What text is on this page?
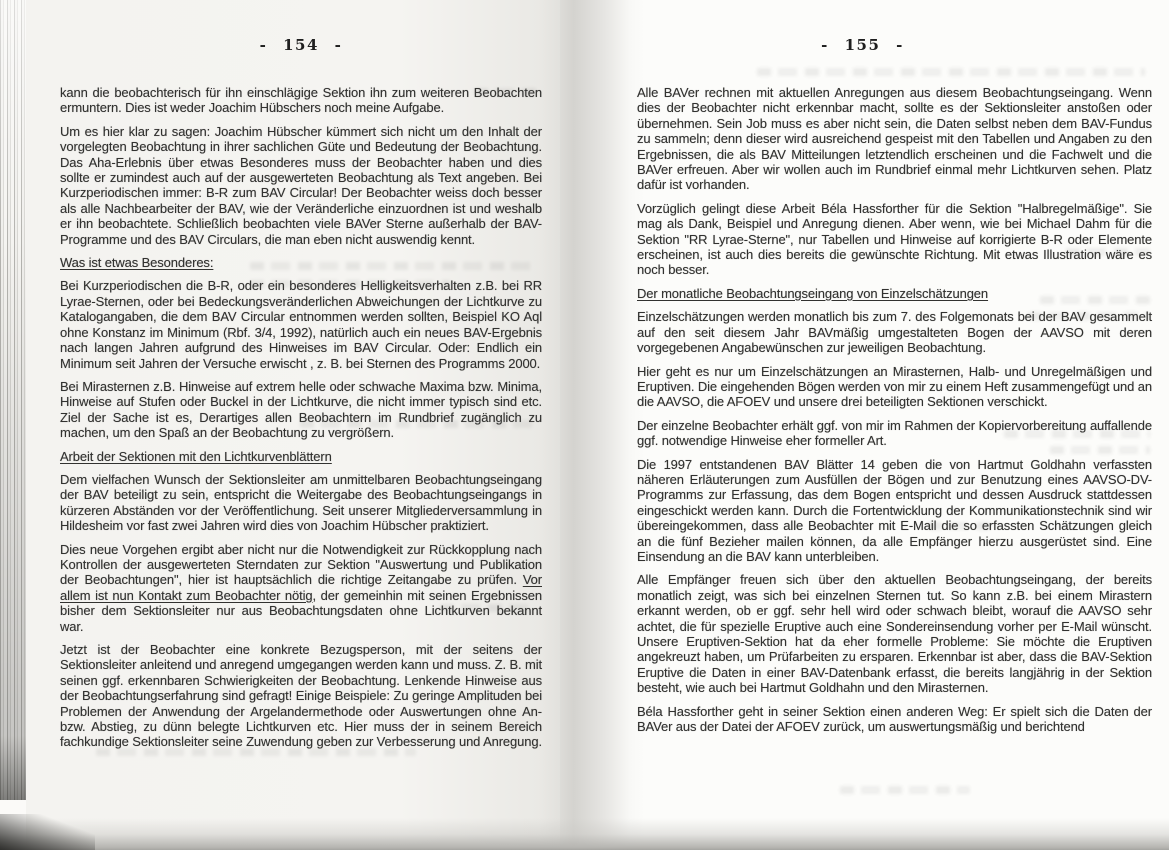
- 154 -	- 155 -

kann die beobachterisch für ihn einschlägige Sektion ihn zum weiteren Beobachten ermuntern. Dies ist weder Joachim Hübschers noch meine Aufgabe.

Um es hier klar zu sagen: Joachim Hübscher kümmert sich nicht um den Inhalt der vorgelegten Beobachtung in ihrer sachlichen Güte und Bedeutung der Beobachtung. Das Aha-Erlebnis über etwas Besonderes muss der Beobachter haben und dies sollte er zumindest auch auf der ausgewerteten Beobachtung als Text angeben. Bei Kurzperiodischen immer: B-R zum BAV Circular! Der Beobachter weiss doch besser als alle Nachbearbeiter der BAV, wie der Veränderliche einzuordnen ist und weshalb er ihn beobachtete. Schließlich beobachten viele BAVer Sterne außerhalb der BAV-Programme und des BAV Circulars, die man eben nicht auswendig kennt.

Was ist etwas Besonderes:

Bei Kurzperiodischen die B-R, oder ein besonderes Helligkeitsverhalten z.B. bei RR Lyrae-Sternen, oder bei Bedeckungsveränderlichen Abweichungen der Lichtkurve zu Katalogangaben, die dem BAV Circular entnommen werden sollten, Beispiel KO Aql ohne Konstanz im Minimum (Rbf. 3/4, 1992), natürlich auch ein neues BAV-Ergebnis nach langen Jahren aufgrund des Hinweises im BAV Circular. Oder: Endlich ein Minimum seit Jahren der Versuche erwischt , z. B. bei Sternen des Programms 2000.

Bei Mirasternen z.B. Hinweise auf extrem helle oder schwache Maxima bzw. Minima, Hinweise auf Stufen oder Buckel in der Lichtkurve, die nicht immer typisch sind etc. Ziel der Sache ist es, Derartiges allen Beobachtern im Rundbrief zugänglich zu machen, um den Spaß an der Beobachtung zu vergrößern.

Arbeit der Sektionen mit den Lichtkurvenblättern

Dem vielfachen Wunsch der Sektionsleiter am unmittelbaren Beobachtungseingang der BAV beteiligt zu sein, entspricht die Weitergabe des Beobachtungseingangs in kürzeren Abständen vor der Veröffentlichung. Seit unserer Mitgliederversammlung in Hildesheim vor fast zwei Jahren wird dies von Joachim Hübscher praktiziert.

Dies neue Vorgehen ergibt aber nicht nur die Notwendigkeit zur Rückkopplung nach Kontrollen der ausgewerteten Sterndaten zur Sektion "Auswertung und Publikation der Beobachtungen", hier ist hauptsächlich die richtige Zeitangabe zu prüfen. Vor allem ist nun Kontakt zum Beobachter nötig, der gemeinhin mit seinen Ergebnissen bisher dem Sektionsleiter nur aus Beobachtungsdaten ohne Lichtkurven bekannt war.

Jetzt ist der Beobachter eine konkrete Bezugsperson, mit der seitens der Sektionsleiter anleitend und anregend umgegangen werden kann und muss. Z. B. mit seinen ggf. erkennbaren Schwierigkeiten der Beobachtung. Lenkende Hinweise aus der Beobachtungserfahrung sind gefragt! Einige Beispiele: Zu geringe Amplituden bei Problemen der Anwendung der Argelandermethode oder Auswertungen ohne An- bzw. Abstieg, zu dünn belegte Lichtkurven etc. Hier muss der in seinem Bereich fachkundige Sektionsleiter seine Zuwendung geben zur Verbesserung und Anregung.

Alle BAVer rechnen mit aktuellen Anregungen aus diesem Beobachtungseingang. Wenn dies der Beobachter nicht erkennbar macht, sollte es der Sektionsleiter anstoßen oder übernehmen. Sein Job muss es aber nicht sein, die Daten selbst neben dem BAV-Fundus zu sammeln; denn dieser wird ausreichend gespeist mit den Tabellen und Angaben zu den Ergebnissen, die als BAV Mitteilungen letztendlich erscheinen und die Fachwelt und die BAVer erfreuen. Aber wir wollen auch im Rundbrief einmal mehr Lichtkurven sehen. Platz dafür ist vorhanden.

Vorzüglich gelingt diese Arbeit Béla Hassforther für die Sektion "Halbregelmäßige". Sie mag als Dank, Beispiel und Anregung dienen. Aber wenn, wie bei Michael Dahm für die Sektion "RR Lyrae-Sterne", nur Tabellen und Hinweise auf korrigierte B-R oder Elemente erscheinen, ist auch dies bereits die gewünschte Richtung. Mit etwas Illustration wäre es noch besser.

Der monatliche Beobachtungseingang von Einzelschätzungen

Einzelschätzungen werden monatlich bis zum 7. des Folgemonats bei der BAV gesammelt auf den seit diesem Jahr BAVmäßig umgestalteten Bogen der AAVSO mit deren vorgegebenen Angabewünschen zur jeweiligen Beobachtung.

Hier geht es nur um Einzelschätzungen an Mirasternen, Halb- und Unregelmäßigen und Eruptiven. Die eingehenden Bögen werden von mir zu einem Heft zusammengefügt und an die AAVSO, die AFOEV und unsere drei beteiligten Sektionen verschickt.

Der einzelne Beobachter erhält ggf. von mir im Rahmen der Kopiervorbereitung auffallende ggf. notwendige Hinweise eher formeller Art.

Die 1997 entstandenen BAV Blätter 14 geben die von Hartmut Goldhahn verfassten näheren Erläuterungen zum Ausfüllen der Bögen und zur Benutzung eines AAVSO-DV-Programms zur Erfassung, das dem Bogen entspricht und dessen Ausdruck stattdessen eingeschickt werden kann. Durch die Fortentwicklung der Kommunikationstechnik sind wir übereingekommen, dass alle Beobachter mit E-Mail die so erfassten Schätzungen gleich an die fünf Bezieher mailen können, da alle Empfänger hierzu ausgerüstet sind. Eine Einsendung an die BAV kann unterbleiben.

Alle Empfänger freuen sich über den aktuellen Beobachtungseingang, der bereits monatlich zeigt, was sich bei einzelnen Sternen tut. So kann z.B. bei einem Mirastern erkannt werden, ob er ggf. sehr hell wird oder schwach bleibt, worauf die AAVSO sehr achtet, die für spezielle Eruptive auch eine Sondereinsendung vorher per E-Mail wünscht. Unsere Eruptiven-Sektion hat da eher formelle Probleme: Sie möchte die Eruptiven angekreuzt haben, um Prüfarbeiten zu ersparen. Erkennbar ist aber, dass die BAV-Sektion Eruptive die Daten in einer BAV-Datenbank erfasst, die bereits langjährig in der Sektion besteht, wie auch bei Hartmut Goldhahn und den Mirasternen.

Béla Hassforther geht in seiner Sektion einen anderen Weg: Er spielt sich die Daten der BAVer aus der Datei der AFOEV zurück, um auswertungsmäßig und berichtend
